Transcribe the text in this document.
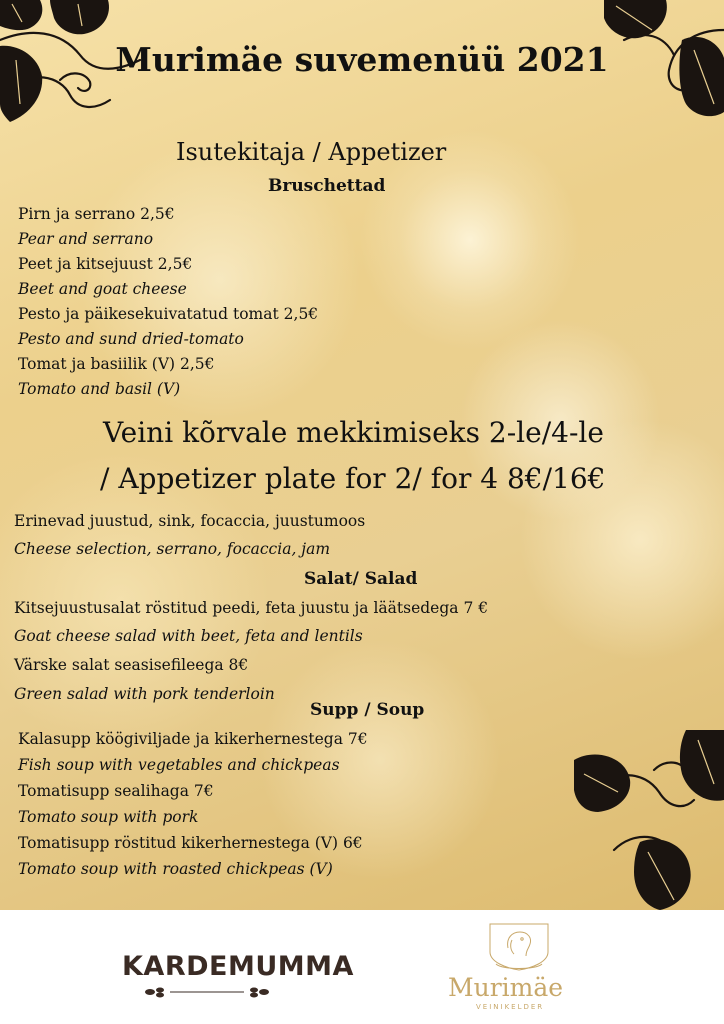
Murimäe suvemenüü 2021
Isutekitaja / Appetizer
Bruschettad
Pirn ja serrano 2,5€
Pear and serrano
Peet ja kitsejuust 2,5€
Beet and goat cheese
Pesto ja päikesekuivatatud tomat 2,5€
Pesto and sund dried-tomato
Tomat ja basiilik (V) 2,5€
Tomato and basil (V)
Veini kõrvale mekkimiseks 2-le/4-le
/ Appetizer plate for 2/ for 4 8€/16€
Erinevad juustud, sink, focaccia, juustumoos
Cheese selection, serrano, focaccia, jam
Salat/ Salad
Kitsejuustusalat röstitud peedi, feta juustu ja läätsedega 7 €
Goat cheese salad with beet, feta and lentils
Värske salat seasisefileega 8€
Green salad with pork tenderloin
Supp / Soup
Kalasupp köögiviljade ja kikerhernestega 7€
Fish soup with vegetables and chickpeas
Tomatisupp sealihaga 7€
Tomato soup with pork
Tomatisupp röstitud kikerhernestega (V) 6€
Tomato soup with roasted chickpeas (V)
KARDEMUMMA
Murimäe
VEINIKELDER
